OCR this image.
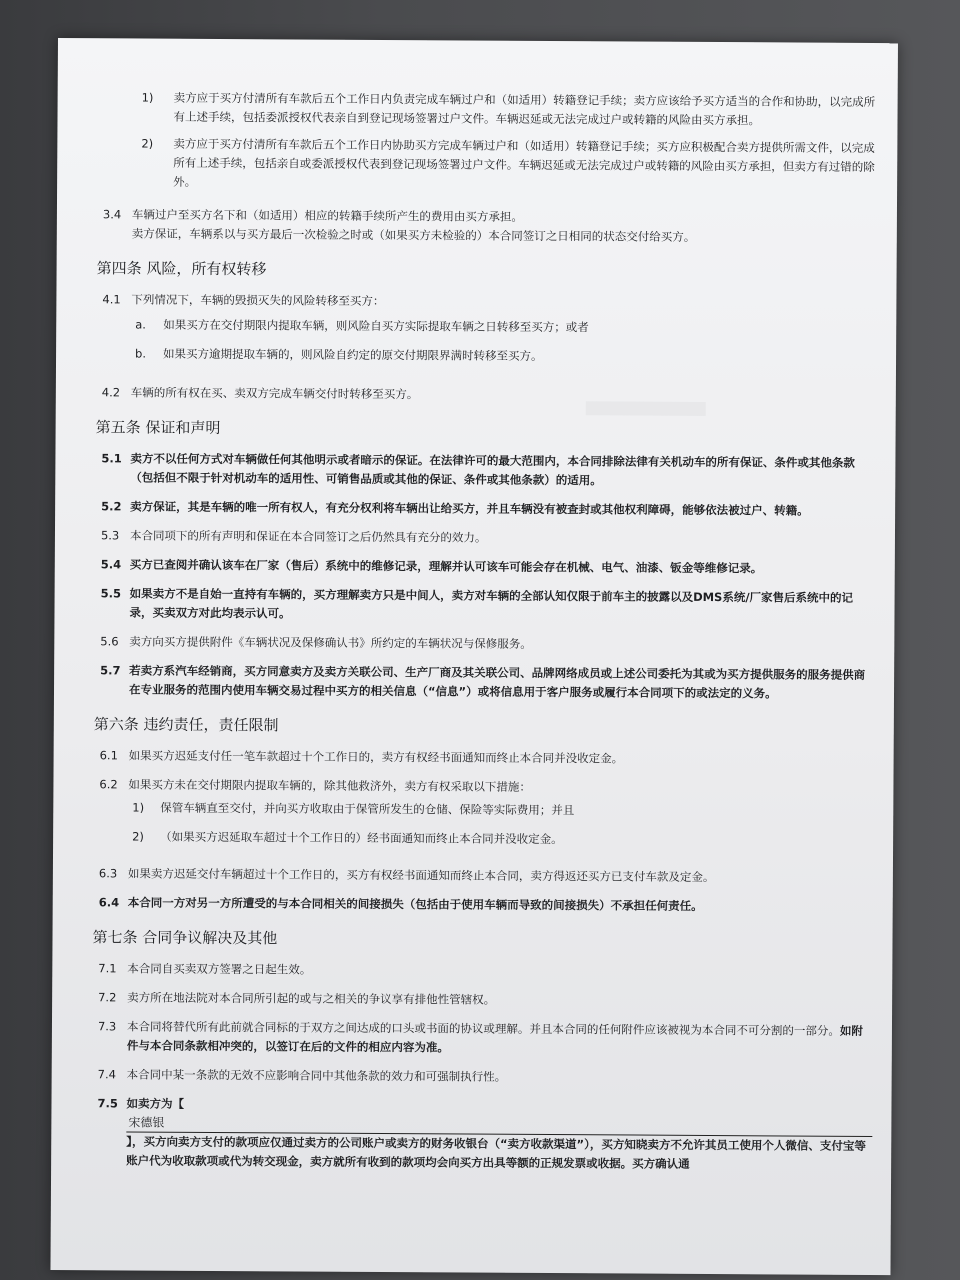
1) 卖方应于买方付清所有车款后五个工作日内负责完成车辆过户和（如适用）转籍登记手续；卖方应该给予买方适当的合作和协助，以完成所有上述手续，包括委派授权代表亲自到登记现场签署过户文件。车辆迟延或无法完成过户或转籍的风险由买方承担。
2) 卖方应于买方付清所有车款后五个工作日内协助买方完成车辆过户和（如适用）转籍登记手续；买方应积极配合卖方提供所需文件，以完成所有上述手续，包括亲自或委派授权代表到登记现场签署过户文件。车辆迟延或无法完成过户或转籍的风险由买方承担，但卖方有过错的除外。
3.4 车辆过户至买方名下和（如适用）相应的转籍手续所产生的费用由买方承担。

卖方保证，车辆系以与买方最后一次检验之时或（如果买方未检验的）本合同签订之日相同的状态交付给买方。

第四条 风险，所有权转移
4.1 下列情况下，车辆的毁损灭失的风险转移至买方：
a. 如果买方在交付期限内提取车辆，则风险自买方实际提取车辆之日转移至买方；或者
b. 如果买方逾期提取车辆的，则风险自约定的原交付期限界满时转移至买方。
4.2 车辆的所有权在买、卖双方完成车辆交付时转移至买方。
第五条 保证和声明
5.1 卖方不以任何方式对车辆做任何其他明示或者暗示的保证。在法律许可的最大范围内，本合同排除法律有关机动车的所有保证、条件或其他条款（包括但不限于针对机动车的适用性、可销售品质或其他的保证、条件或其他条款）的适用。
5.2 卖方保证，其是车辆的唯一所有权人，有充分权利将车辆出让给买方，并且车辆没有被查封或其他权利障碍，能够依法被过户、转籍。
5.3 本合同项下的所有声明和保证在本合同签订之后仍然具有充分的效力。
5.4 买方已查阅并确认该车在厂家（售后）系统中的维修记录，理解并认可该车可能会存在机械、电气、油漆、钣金等维修记录。
5.5 如果卖方不是自始一直持有车辆的，买方理解卖方只是中间人，卖方对车辆的全部认知仅限于前车主的披露以及DMS系统/厂家售后系统中的记录，买卖双方对此均表示认可。
5.6 卖方向买方提供附件《车辆状况及保修确认书》所约定的车辆状况与保修服务。
5.7 若卖方系汽车经销商，买方同意卖方及卖方关联公司、生产厂商及其关联公司、品牌网络成员或上述公司委托为其或为买方提供服务的服务提供商在专业服务的范围内使用车辆交易过程中买方的相关信息（“信息”）或将信息用于客户服务或履行本合同项下的或法定的义务。
第六条 违约责任，责任限制
6.1 如果买方迟延支付任一笔车款超过十个工作日的，卖方有权经书面通知而终止本合同并没收定金。
6.2 如果买方未在交付期限内提取车辆的，除其他救济外，卖方有权采取以下措施：
1) 保管车辆直至交付，并向买方收取由于保管所发生的仓储、保险等实际费用；并且
2) （如果买方迟延取车超过十个工作日的）经书面通知而终止本合同并没收定金。
6.3 如果卖方迟延交付车辆超过十个工作日的，买方有权经书面通知而终止本合同，卖方得返还买方已支付车款及定金。
6.4 本合同一方对另一方所遭受的与本合同相关的间接损失（包括由于使用车辆而导致的间接损失）不承担任何责任。
第七条 合同争议解决及其他
7.1 本合同自买卖双方签署之日起生效。
7.2 卖方所在地法院对本合同所引起的或与之相关的争议享有排他性管辖权。
7.3 本合同将替代所有此前就合同标的于双方之间达成的口头或书面的协议或理解。并且本合同的任何附件应该被视为本合同不可分割的一部分。如附件与本合同条款相冲突的，以签订在后的文件的相应内容为准。
7.4 本合同中某一条款的无效不应影响合同中其他条款的效力和可强制执行性。
7.5 如卖方为【
宋德银
】，买方向卖方支付的款项应仅通过卖方的公司账户或卖方的财务收银台（“卖方收款渠道”），买方知晓卖方不允许其员工使用个人微信、支付宝等账户代为收取款项或代为转交现金，卖方就所有收到的款项均会向买方出具等额的正规发票或收据。买方确认通
